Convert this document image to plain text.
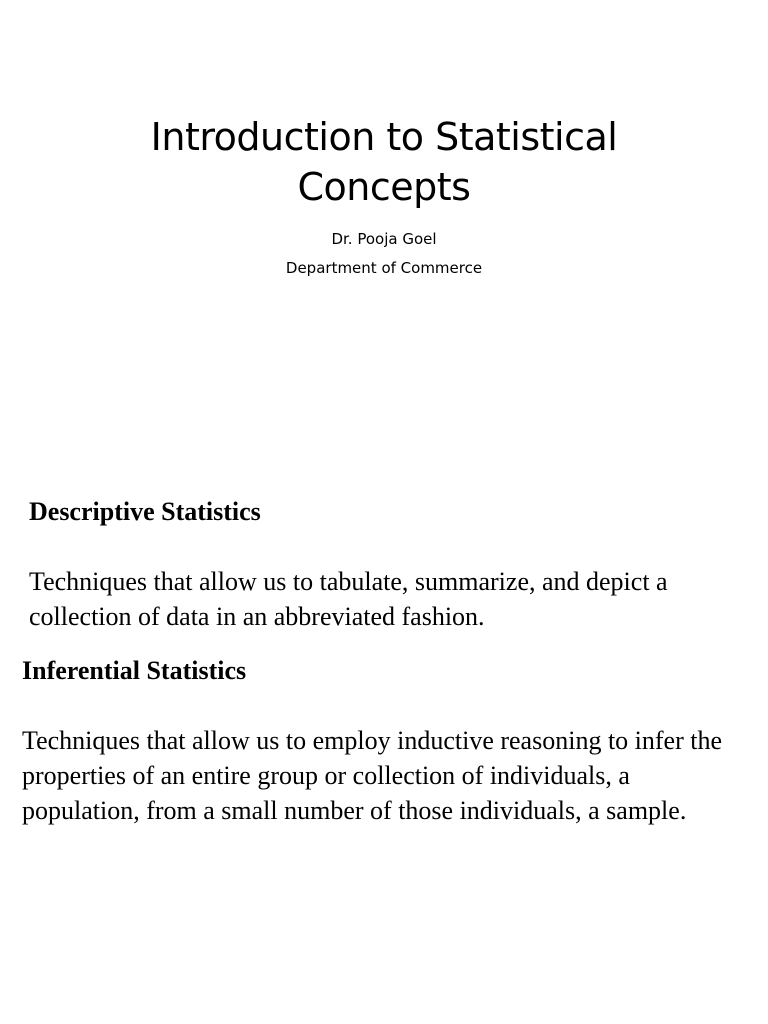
Introduction to Statistical
Concepts
Dr. Pooja Goel
Department of Commerce
Descriptive Statistics

Techniques that allow us to tabulate, summarize, and depict a collection of data in an abbreviated fashion.

Inferential Statistics

Techniques that allow us to employ inductive reasoning to infer the properties of an entire group or collection of individuals, a population, from a small number of those individuals, a sample.
